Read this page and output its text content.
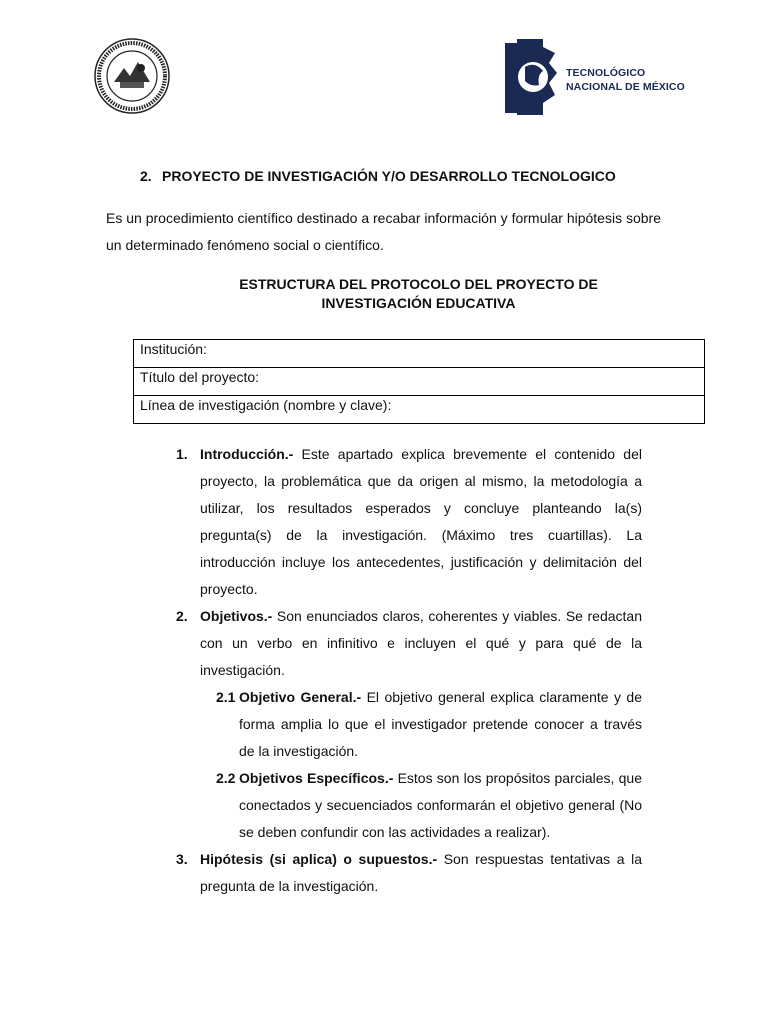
TECNOLÓGICO
NACIONAL DE MÉXICO
2. PROYECTO DE INVESTIGACIÓN Y/O DESARROLLO TECNOLOGICO
Es un procedimiento científico destinado a recabar información y formular hipótesis sobre un determinado fenómeno social o científico.
ESTRUCTURA DEL PROTOCOLO DEL PROYECTO DE
INVESTIGACIÓN EDUCATIVA
Institución:
Título del proyecto:
Línea de investigación (nombre y clave):
1. Introducción.- Este apartado explica brevemente el contenido del proyecto, la problemática que da origen al mismo, la metodología a utilizar, los resultados esperados y concluye planteando la(s) pregunta(s) de la investigación. (Máximo tres cuartillas). La introducción incluye los antecedentes, justificación y delimitación del proyecto.
2. Objetivos.- Son enunciados claros, coherentes y viables. Se redactan con un verbo en infinitivo e incluyen el qué y para qué de la investigación.
2.1 Objetivo General.- El objetivo general explica claramente y de forma amplia lo que el investigador pretende conocer a través de la investigación.
2.2 Objetivos Específicos.- Estos son los propósitos parciales, que conectados y secuenciados conformarán el objetivo general (No se deben confundir con las actividades a realizar).
3. Hipótesis (si aplica) o supuestos.- Son respuestas tentativas a la pregunta de la investigación.
